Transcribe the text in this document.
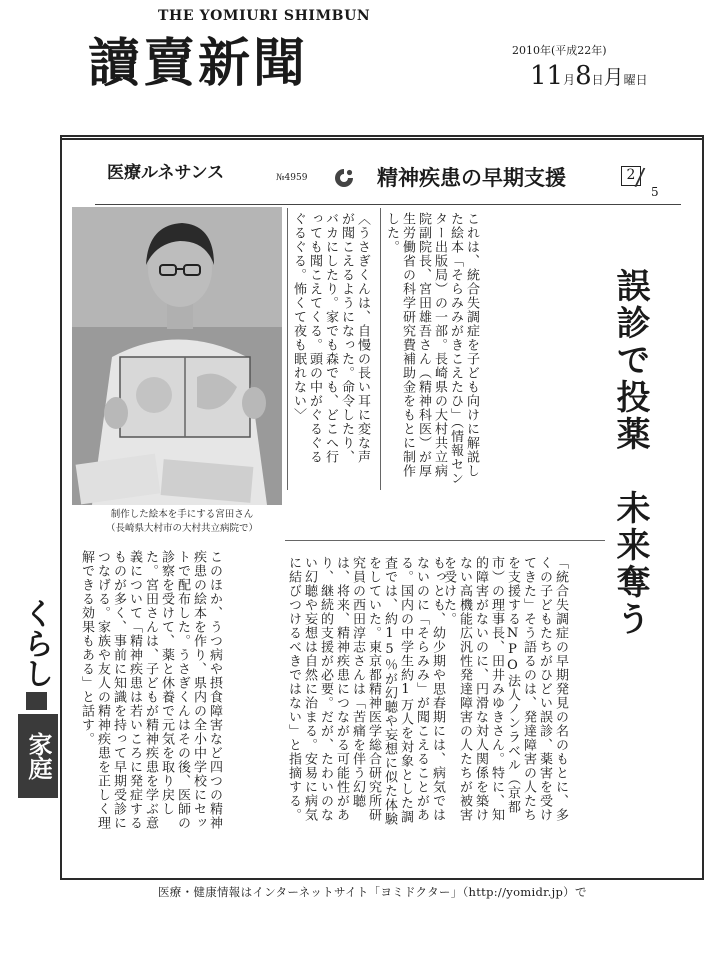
THE YOMIURI SHIMBUN
讀賣新聞	2010年(平成22年)
11月8日月曜日
医療ルネサンス	№4959	精神疾患の早期支援	2
/
5
制作した絵本を手にする宮田さん
（長崎県大村市の大村共立病院で）	誤診で投薬　未来奪う
〈うさぎくんは、自慢の長い耳に変な声が聞こえるようになった。命令したり、バカにしたり。家でも森でも、どこへ行っても聞こえてくる。頭の中がぐるぐるぐるぐる。怖くて夜も眠れない〉	これは、統合失調症を子ども向けに解説した絵本「そらみみがきこえたひ」（情報センター出版局）の一部。長崎県の大村共立病院副院長、宮田雄吾さん（精神科医）が厚生労働省の科学研究費補助金をもとに制作した。
このほか、うつ病や摂食障害など四つの精神疾患の絵本を作り、県内の全小中学校にセットで配布した。うさぎくんはその後、医師の診察を受けて、薬と休養で元気を取り戻した。宮田さんは、子どもが精神疾患を学ぶ意義について「精神疾患は若いころに発症するものが多く、事前に知識を持って早期受診につなげる。家族や友人の精神疾患を正しく理解できる効果もある」と話す。	もっとも、幼少期や思春期には、病気ではないのに「そらみみ」が聞こえることがある。国内の中学生約1万人を対象とした調査では、約15％が幻聴や妄想に似た体験をしていた。東京都精神医学総合研究所研究員の西田淳志さんは「苦痛を伴う幻聴は、将来、精神疾患につながる可能性があり、継続的支援が必要。だが、たわいのない幻聴や妄想は自然に治まる。安易に病気に結びつけるべきではない」と指摘する。	「統合失調症の早期発見の名のもとに、多くの子どもたちがひどい誤診、薬害を受けてきた」そう語るのは、発達障害の人たちを支援するNPO法人ノンラベル（京都市）の理事長、田井みゆきさん。特に、知的障害がないのに、円滑な対人関係を築けない高機能広汎性発達障害の人たちが被害を受けた。
くらし
家庭
医療・健康情報はインターネットサイト「ヨミドクター」（http://yomidr.jp）で
